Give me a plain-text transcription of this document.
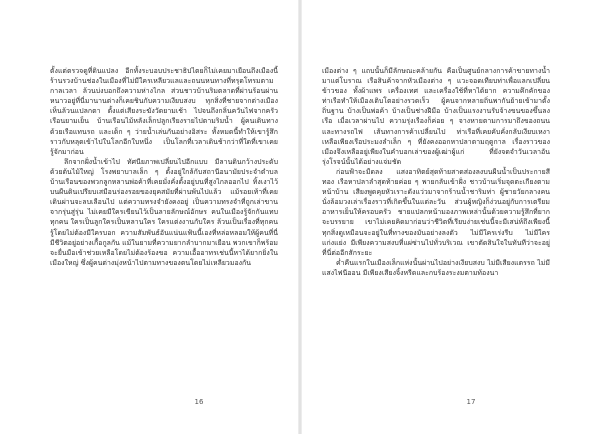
ตั้งแต่ตรวจดูที่ดินแปลง อีกทั้งระบอบประชาธิปไตยก็ไม่เคยมาเยือนถึงเมืองนี้ ร้านรวงบ้านช่องในเมืองที่ไม่มีใครเหลียวแลและถนนหนทางที่ทรุดโทรมตามกาลเวลา ล้วนบ่งบอกถึงความห่างไกล ส่วนชาวบ้านริมตลาดที่ผ่านร้อนผ่านหนาวอยู่ที่นี่มานานต่างก็เคยชินกับความเงียบสงบ ทุกสิ่งที่ชายจากต่างเมืองเห็นล้วนแปลกตา ตั้งแต่เสียงระฆังวัดยามเช้า ไปจนถึงกลิ่นควันไฟจากครัวเรือนยามเย็น บ้านเรือนไม้หลังเล็กปลูกเรียงรายไปตามริมน้ำ ผู้คนเดินทางด้วยเรือแทนรถ และเด็ก ๆ ว่ายน้ำเล่นกันอย่างอิสระ ทั้งหมดนี้ทำให้เขารู้สึกราวกับหลุดเข้าไปในโลกอีกใบหนึ่ง เป็นโลกที่เวลาเดินช้ากว่าที่ใดที่เขาเคยรู้จักมาก่อน

ลึกจากฝั่งน้ำเข้าไป ทัศนียภาพเปลี่ยนไปอีกแบบ มีลานดินกว้างประดับด้วยต้นไม้ใหญ่ โรงพยาบาลเล็ก ๆ ตั้งอยู่ใกล้กับสถานีอนามัยประจำตำบล บ้านเรือนของพวกลูกหลานพ่อค้าที่เคยมั่งคั่งตั้งอยู่บนที่สูงไกลออกไป ทิ้งเงาไว้บนผืนดินเปรียบเสมือนร่องรอยของยุคสมัยที่ผ่านพ้นไปแล้ว แม้รอยเท้าที่เคยเดินผ่านจะลบเลือนไป แต่ความทรงจำยังคงอยู่ เป็นความทรงจำที่ถูกเล่าขานจากรุ่นสู่รุ่น ไม่เคยมีใครเขียนไว้เป็นลายลักษณ์อักษร คนในเมืองรู้จักกันแทบทุกคน ใครเป็นลูกใครเป็นหลานใคร ใครแต่งงานกับใคร ล้วนเป็นเรื่องที่ทุกคนรู้โดยไม่ต้องมีใครบอก ความสัมพันธ์อันแน่นแฟ้นนี้เองที่หล่อหลอมให้ผู้คนที่นี่มีชีวิตอยู่อย่างเกื้อกูลกัน แม้ในยามที่ความยากลำบากมาเยือน พวกเขาก็พร้อมจะยื่นมือเข้าช่วยเหลือโดยไม่ต้องร้องขอ ความเอื้ออาทรเช่นนี้หาได้ยากยิ่งในเมืองใหญ่ ซึ่งผู้คนต่างมุ่งหน้าไปตามทางของตนโดยไม่เหลียวมองกัน

16

เมืองต่าง ๆ แถบนั้นก็มีลักษณะคล้ายกัน คือเป็นศูนย์กลางการค้าขายทางน้ำมาแต่โบราณ เรือสินค้าจากหัวเมืองต่าง ๆ แวะจอดเทียบท่าเพื่อแลกเปลี่ยนข้าวของ ทั้งผ้าแพร เครื่องเทศ และเครื่องใช้ที่หาได้ยาก ความคึกคักของท่าเรือทำให้เมืองเติบโตอย่างรวดเร็ว ผู้คนจากหลายถิ่นพากันย้ายเข้ามาตั้งถิ่นฐาน บ้างเป็นพ่อค้า บ้างเป็นช่างฝีมือ บ้างเป็นแรงงานรับจ้างขนของขึ้นลงเรือ เมื่อเวลาผ่านไป ความรุ่งเรืองก็ค่อย ๆ จางหายตามการมาถึงของถนนและทางรถไฟ เส้นทางการค้าเปลี่ยนไป ท่าเรือที่เคยคับคั่งกลับเงียบเหงา เหลือเพียงเรือประมงลำเล็ก ๆ ที่ยังคงออกหาปลาตามฤดูกาล เรื่องราวของเมืองจึงเหลืออยู่เพียงในคำบอกเล่าของผู้เฒ่าผู้แก่ ที่ยังจดจำวันเวลาอันรุ่งโรจน์นั้นได้อย่างแจ่มชัด

ก่อนฟ้าจะมืดลง แสงอาทิตย์สุดท้ายสาดส่องลงบนผืนน้ำเป็นประกายสีทอง เรือหาปลาลำสุดท้ายค่อย ๆ พายกลับเข้าฝั่ง ชาวบ้านเริ่มจุดตะเกียงตามหน้าบ้าน เสียงพูดคุยหัวเราะดังแว่วมาจากร้านน้ำชาริมท่า ผู้ชายวัยกลางคนนั่งล้อมวงเล่าเรื่องราวที่เกิดขึ้นในแต่ละวัน ส่วนผู้หญิงก็ง่วนอยู่กับการเตรียมอาหารเย็นให้ครอบครัว ชายแปลกหน้ามองภาพเหล่านั้นด้วยความรู้สึกที่ยากจะบรรยาย เขาไม่เคยคิดมาก่อนว่าชีวิตที่เรียบง่ายเช่นนี้จะมีเสน่ห์ถึงเพียงนี้ ทุกสิ่งดูเหมือนจะอยู่ในที่ทางของมันอย่างลงตัว ไม่มีใครเร่งรีบ ไม่มีใครแก่งแย่ง มีเพียงความสงบที่แผ่ซ่านไปทั่วบริเวณ เขาตัดสินใจในทันทีว่าจะอยู่ที่นี่ต่ออีกสักระยะ

ค่ำคืนแรกในเมืองเล็กแห่งนั้นผ่านไปอย่างเงียบสงบ ไม่มีเสียงแตรรถ ไม่มีแสงไฟนีออน มีเพียงเสียงจิ้งหรีดและกบร้องระงมตามท้องนา

17
